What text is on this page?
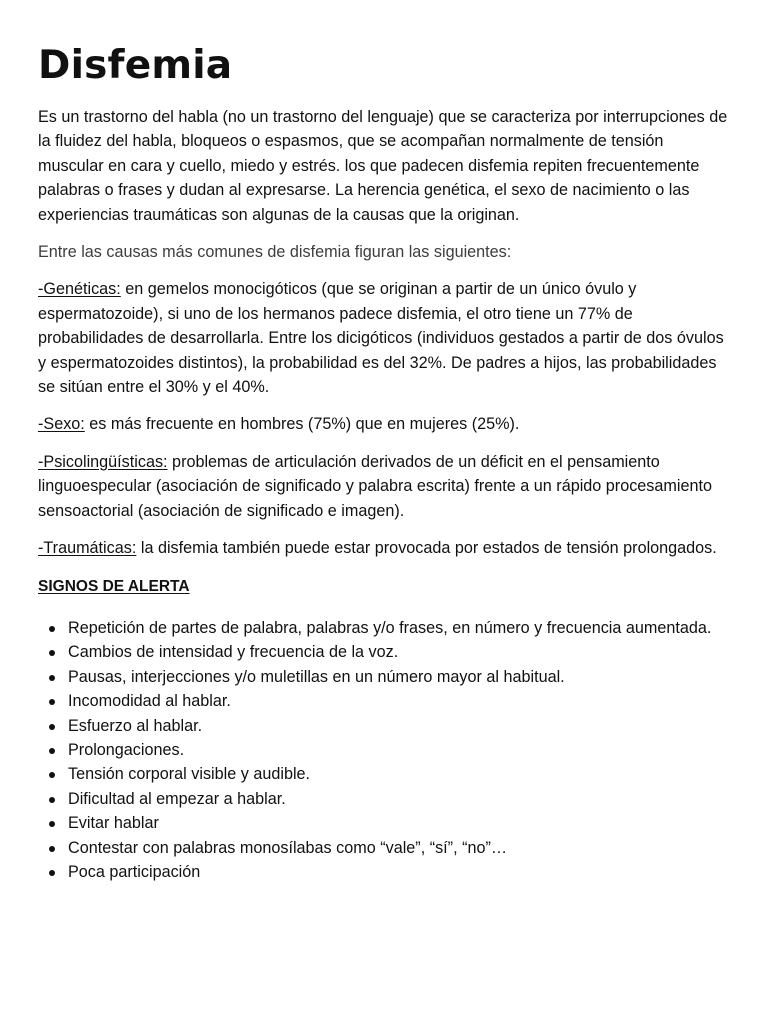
Disfemia

Es un trastorno del habla (no un trastorno del lenguaje) que se caracteriza por interrupciones de la fluidez del habla, bloqueos o espasmos, que se acompañan normalmente de tensión muscular en cara y cuello, miedo y estrés. los que padecen disfemia repiten frecuentemente palabras o frases y dudan al expresarse. La herencia genética, el sexo de nacimiento o las experiencias traumáticas son algunas de la causas que la originan.

Entre las causas más comunes de disfemia figuran las siguientes:

-Genéticas: en gemelos monocigóticos (que se originan a partir de un único óvulo y espermatozoide), si uno de los hermanos padece disfemia, el otro tiene un 77% de probabilidades de desarrollarla. Entre los dicigóticos (individuos gestados a partir de dos óvulos y espermatozoides distintos), la probabilidad es del 32%. De padres a hijos, las probabilidades se sitúan entre el 30% y el 40%.

-Sexo: es más frecuente en hombres (75%) que en mujeres (25%).

-Psicolingüísticas: problemas de articulación derivados de un déficit en el pensamiento linguoespecular (asociación de significado y palabra escrita) frente a un rápido procesamiento sensoactorial (asociación de significado e imagen).

-Traumáticas: la disfemia también puede estar provocada por estados de tensión prolongados.

SIGNOS DE ALERTA

Repetición de partes de palabra, palabras y/o frases, en número y frecuencia aumentada.
Cambios de intensidad y frecuencia de la voz.
Pausas, interjecciones y/o muletillas en un número mayor al habitual.
Incomodidad al hablar.
Esfuerzo al hablar.
Prolongaciones.
Tensión corporal visible y audible.
Dificultad al empezar a hablar.
Evitar hablar
Contestar con palabras monosílabas como “vale”, “sí”, “no”…
Poca participación
